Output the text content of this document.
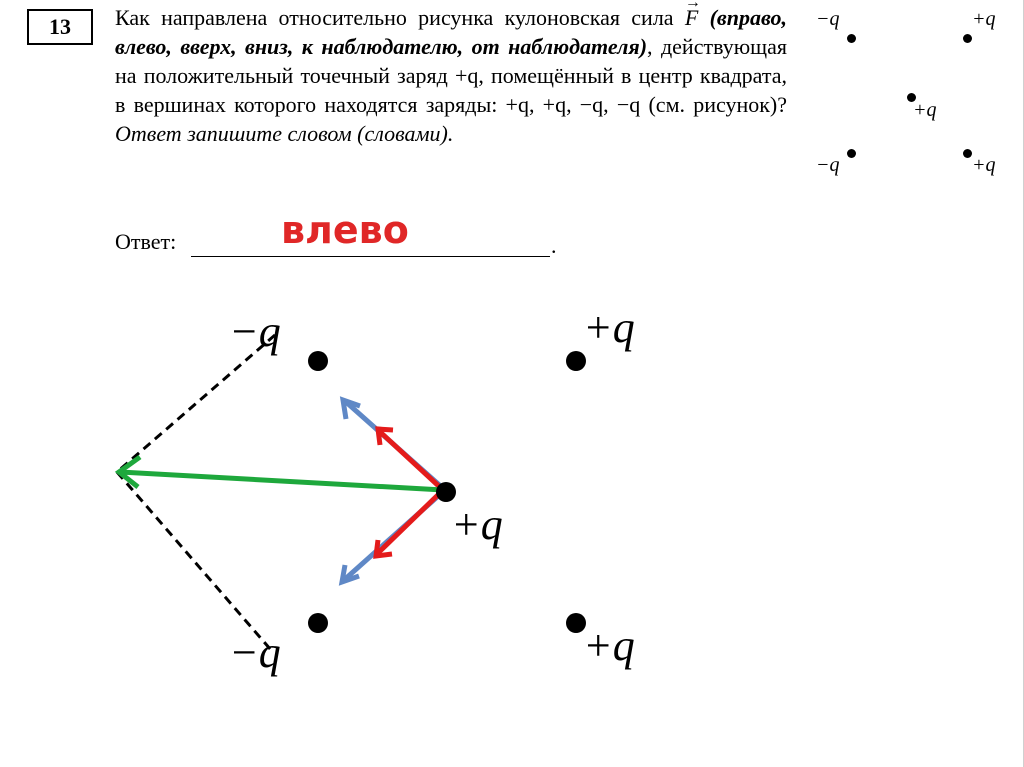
13	Как направлена относительно рисунка кулоновская сила F → (вправо, влево, вверх, вниз, к наблюдателю, от наблюдателя), действующая на положительный точечный заряд +q, помещённый в центр квадрата, в вершинах которого находятся заряды: +q, +q, −q, −q (см. рисунок)? Ответ запишите словом (словами).

−q	+q
+q
−q	+q
Ответ:	.
влево
−q	+q
+q
−q	+q
